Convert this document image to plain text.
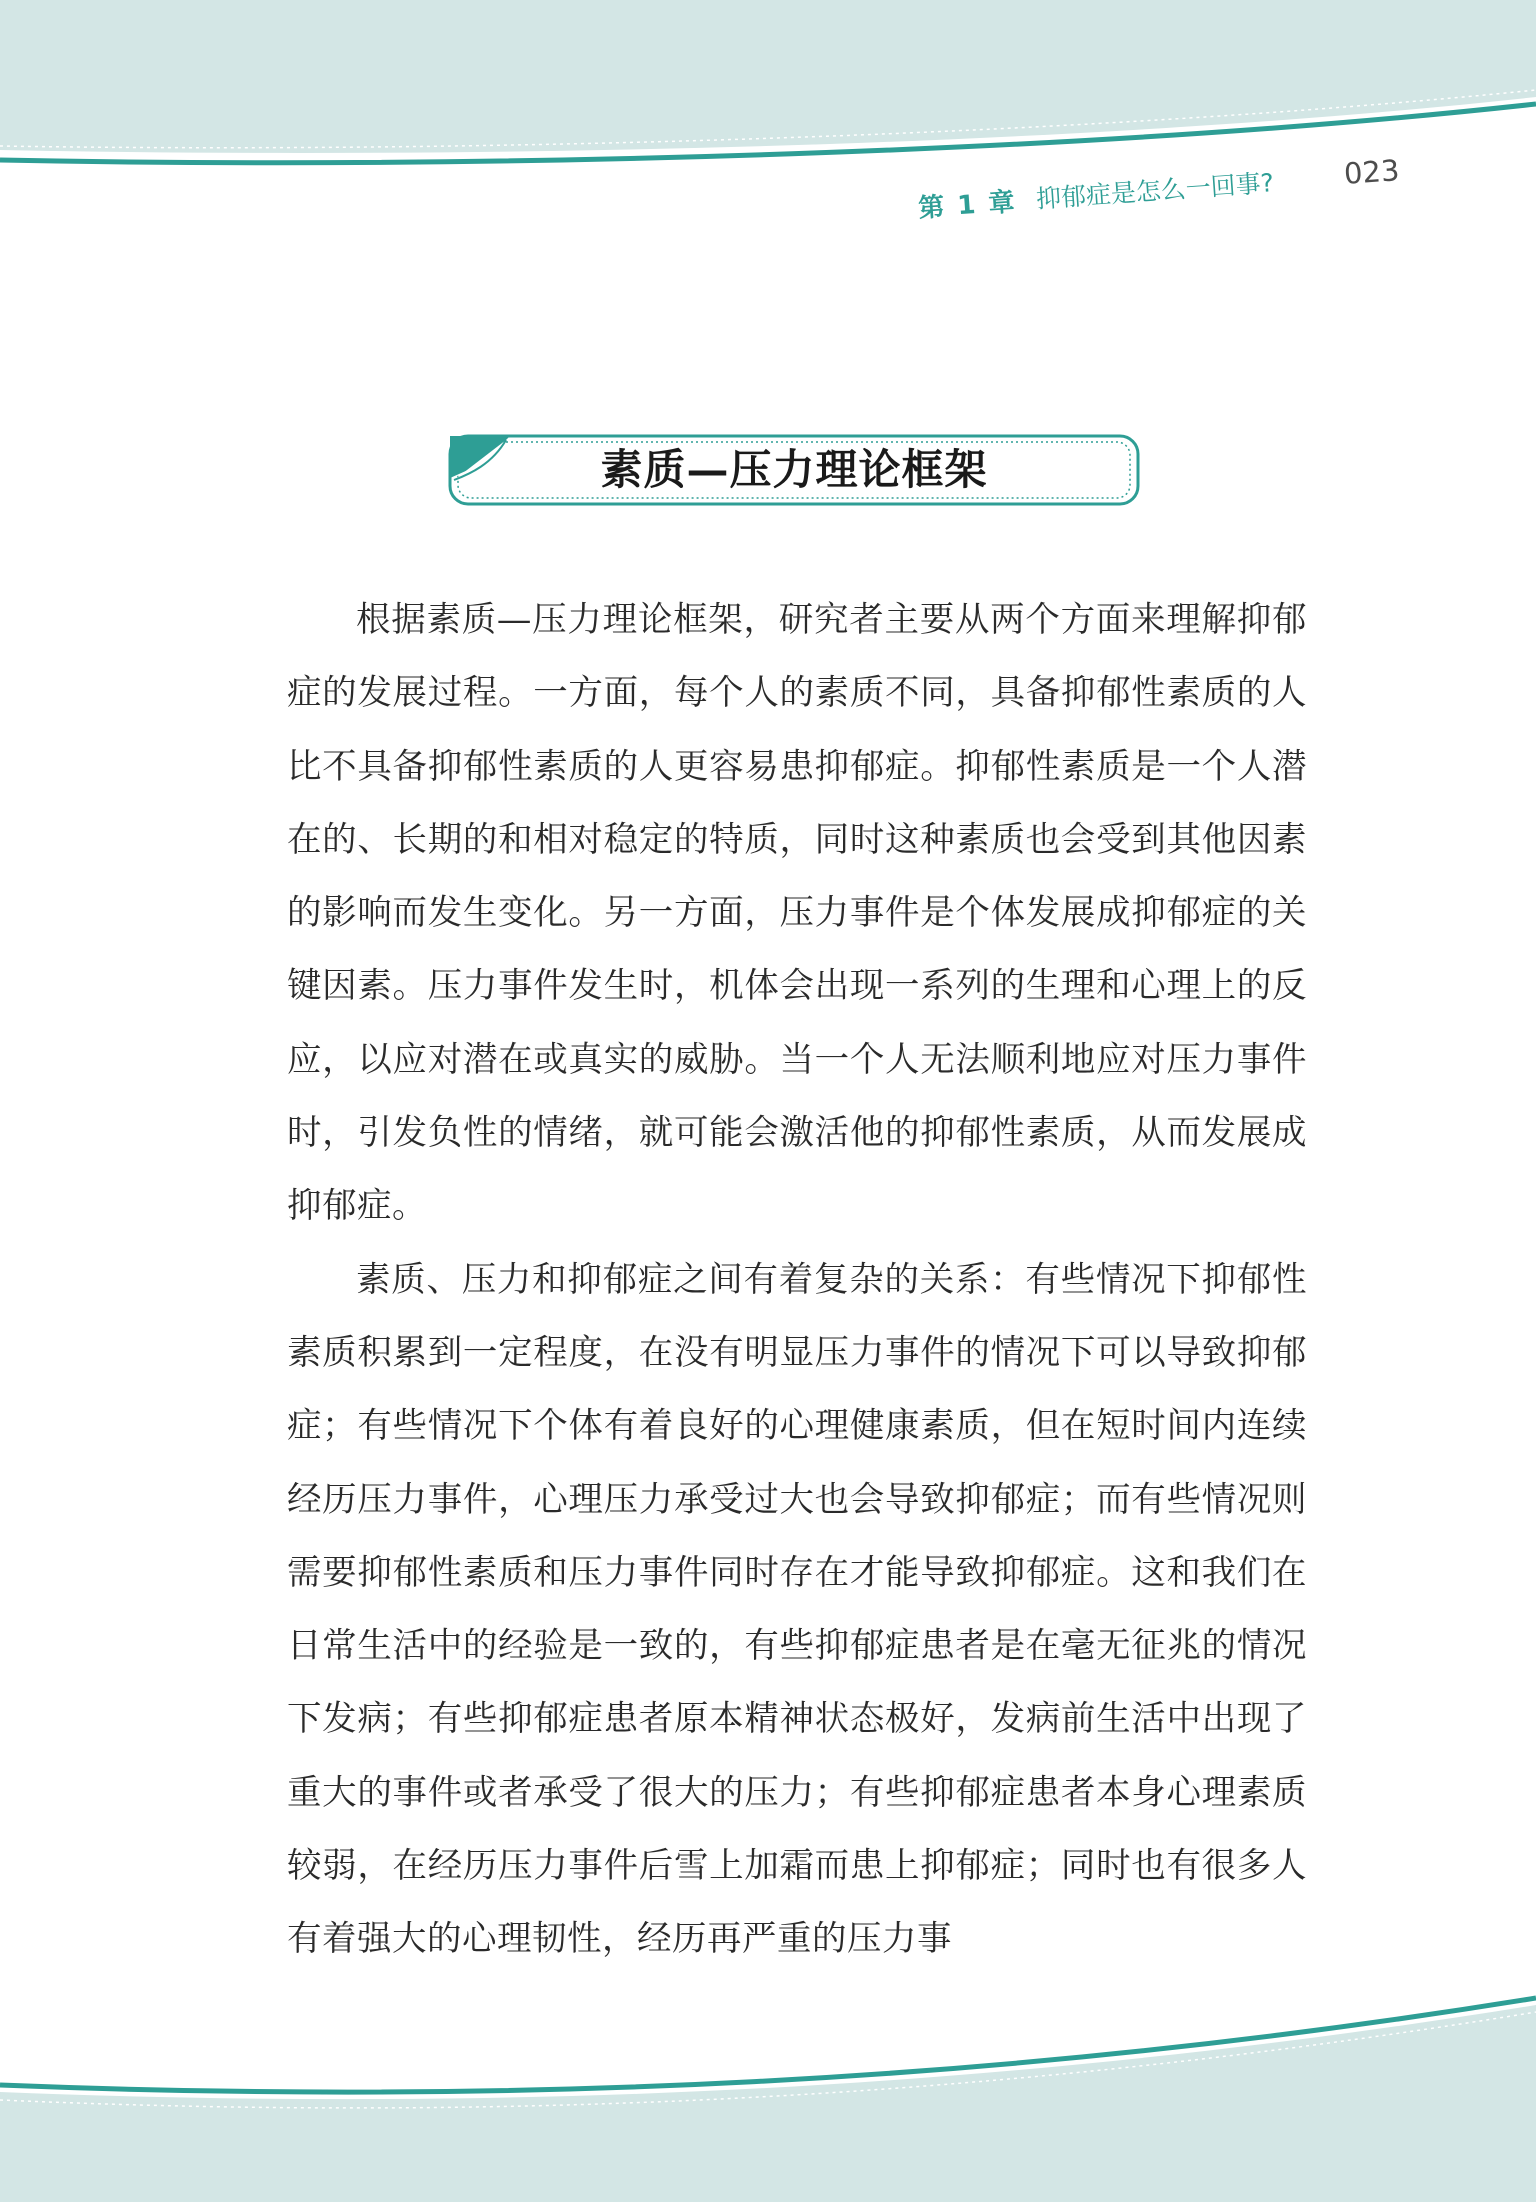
第 1 章 抑郁症是怎么一回事? 023
素质—压力理论框架

根据素质—压力理论框架，研究者主要从两个方面来理解抑郁症的发展过程。一方面，每个人的素质不同，具备抑郁性素质的人比不具备抑郁性素质的人更容易患抑郁症。抑郁性素质是一个人潜在的、长期的和相对稳定的特质，同时这种素质也会受到其他因素的影响而发生变化。另一方面，压力事件是个体发展成抑郁症的关键因素。压力事件发生时，机体会出现一系列的生理和心理上的反应，以应对潜在或真实的威胁。当一个人无法顺利地应对压力事件时，引发负性的情绪，就可能会激活他的抑郁性素质，从而发展成抑郁症。

素质、压力和抑郁症之间有着复杂的关系：有些情况下抑郁性素质积累到一定程度，在没有明显压力事件的情况下可以导致抑郁症；有些情况下个体有着良好的心理健康素质，但在短时间内连续经历压力事件，心理压力承受过大也会导致抑郁症；而有些情况则需要抑郁性素质和压力事件同时存在才能导致抑郁症。这和我们在日常生活中的经验是一致的，有些抑郁症患者是在毫无征兆的情况下发病；有些抑郁症患者原本精神状态极好，发病前生活中出现了重大的事件或者承受了很大的压力；有些抑郁症患者本身心理素质较弱，在经历压力事件后雪上加霜而患上抑郁症；同时也有很多人有着强大的心理韧性，经历再严重的压力事
